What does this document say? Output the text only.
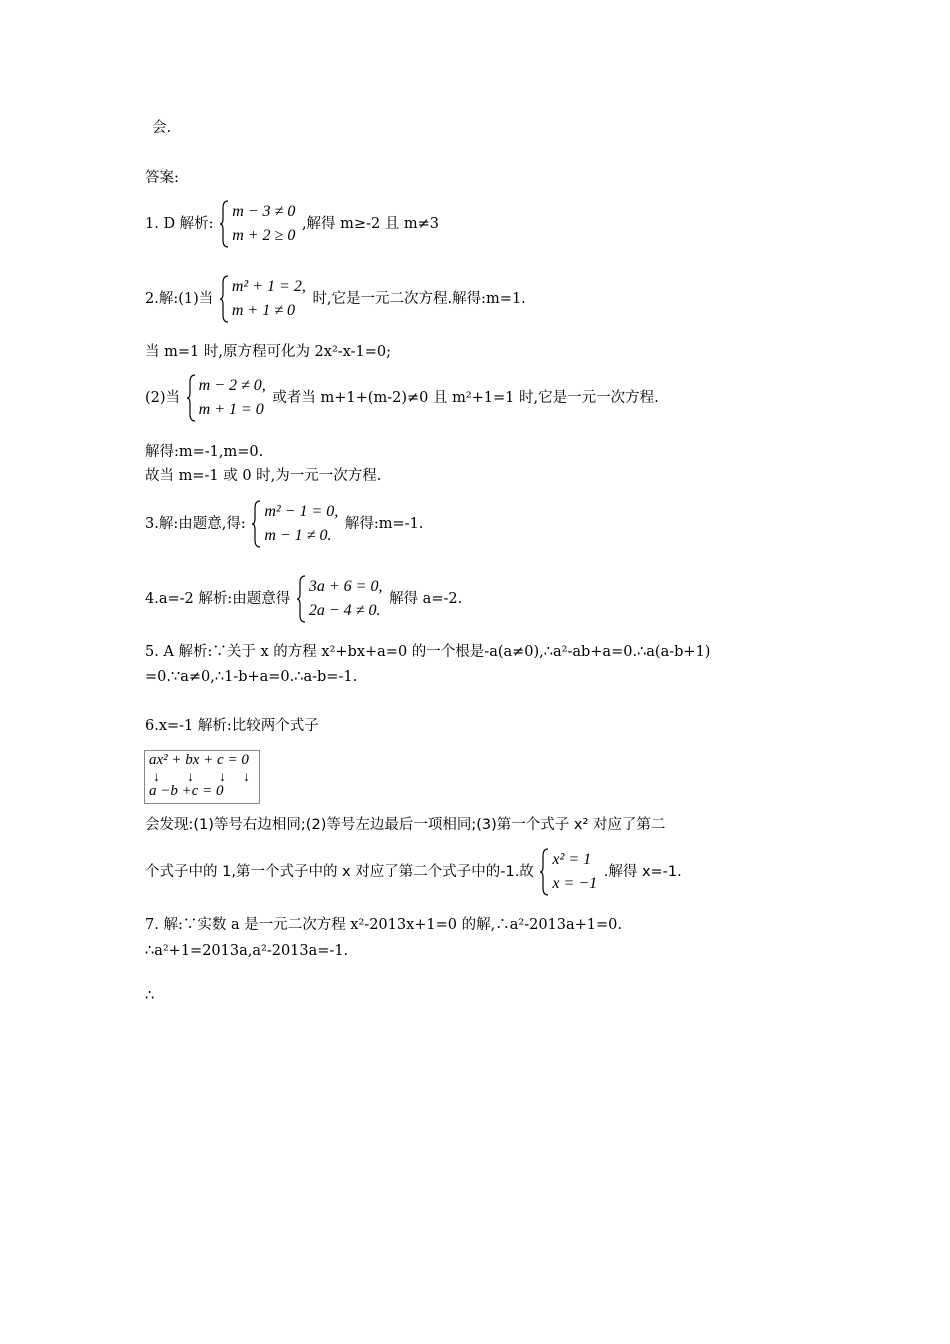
会.
答案:
1. D 解析:
m − 3 ≠ 0
m + 2 ≥ 0
,解得 m≥-2 且 m≠3
2.解:(1)当
m² + 1 = 2,
m + 1 ≠ 0
时,它是一元二次方程.解得:m=1.
当 m=1 时,原方程可化为 2x²-x-1=0;
(2)当
m − 2 ≠ 0,
m + 1 = 0
或者当 m+1+(m-2)≠0 且 m²+1=1 时,它是一元一次方程.
解得:m=-1,m=0.
故当 m=-1 或 0 时,为一元一次方程.
3.解:由题意,得:
m² − 1 = 0,
m − 1 ≠ 0.
解得:m=-1.
4.a=-2 解析:由题意得
3a + 6 = 0,
2a − 4 ≠ 0.
解得 a=-2.
5. A 解析:∵关于 x 的方程 x²+bx+a=0 的一个根是-a(a≠0),∴a²-ab+a=0.∴a(a-b+1)
=0.∵a≠0,∴1-b+a=0.∴a-b=-1.
6.x=-1 解析:比较两个式子
ax² + bx + c = 0
↓ ↓ ↓ ↓
a −b +c = 0
会发现:(1)等号右边相同;(2)等号左边最后一项相同;(3)第一个式子 x² 对应了第二
个式子中的 1,第一个式子中的 x 对应了第二个式子中的-1.故
x² = 1
x = −1
.解得 x=-1.
7. 解:∵实数 a 是一元二次方程 x²-2013x+1=0 的解,∴a²-2013a+1=0.
∴a²+1=2013a,a²-2013a=-1.
∴
